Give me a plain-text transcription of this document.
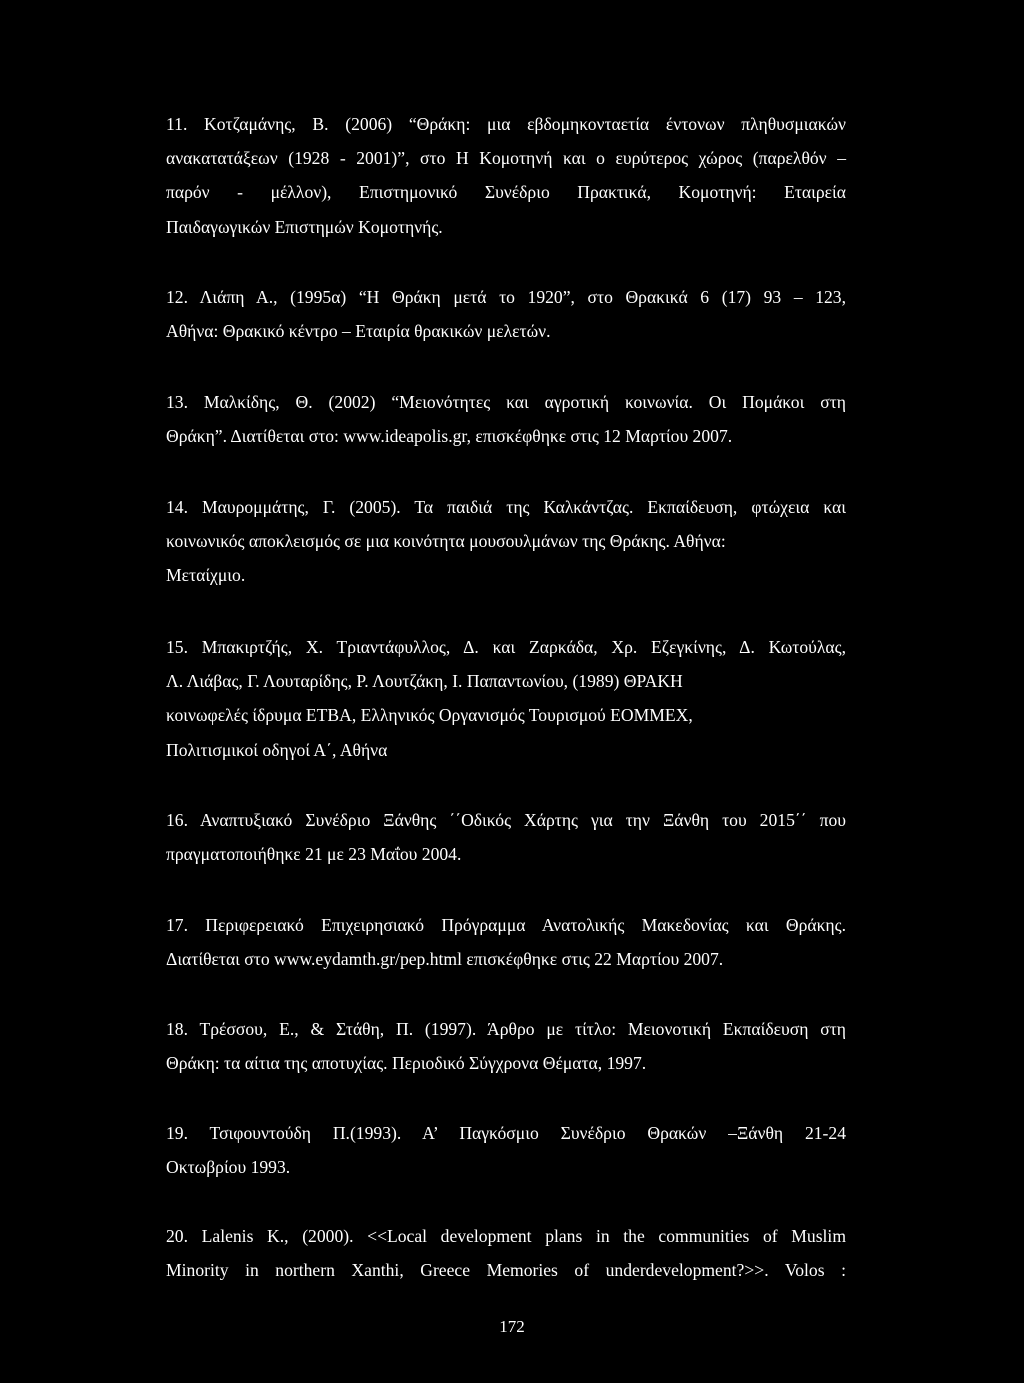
11. Κοτζαμάνης, Β. (2006) “Θράκη: μια εβδομηκονταετία έντονων πληθυσμιακών
ανακατατάξεων (1928 - 2001)”, στο Η Κομοτηνή και ο ευρύτερος χώρος (παρελθόν –
παρόν - μέλλον), Επιστημονικό Συνέδριο Πρακτικά, Κομοτηνή: Εταιρεία
Παιδαγωγικών Επιστημών Κομοτηνής.
12. Λιάπη Α., (1995α) “Η Θράκη μετά το 1920”, στο Θρακικά 6 (17) 93 – 123,
Αθήνα: Θρακικό κέντρο – Εταιρία θρακικών μελετών.
13. Μαλκίδης, Θ. (2002) “Μειονότητες και αγροτική κοινωνία. Οι Πομάκοι στη
Θράκη”. Διατίθεται στο: www.ideapolis.gr, επισκέφθηκε στις 12 Μαρτίου 2007.
14. Μαυρομμάτης, Γ. (2005). Τα παιδιά της Καλκάντζας. Εκπαίδευση, φτώχεια και
κοινωνικός αποκλεισμός σε μια κοινότητα μουσουλμάνων της Θράκης. Αθήνα:
Μεταίχμιο.
15. Μπακιρτζής, Χ. Τριαντάφυλλος, Δ. και Ζαρκάδα, Χρ. Εζεγκίνης, Δ. Κωτούλας,
Λ. Λιάβας, Γ. Λουταρίδης, Ρ. Λουτζάκη, Ι. Παπαντωνίου, (1989) ΘΡΑΚΗ
κοινωφελές ίδρυμα ΕΤΒΑ, Ελληνικός Οργανισμός Τουρισμού ΕΟΜΜΕΧ,
Πολιτισμικοί οδηγοί Α΄, Αθήνα
16. Αναπτυξιακό Συνέδριο Ξάνθης ΄΄Οδικός Χάρτης για την Ξάνθη του 2015΄΄ που
πραγματοποιήθηκε 21 με 23 Μαΐου 2004.
17. Περιφερειακό Επιχειρησιακό Πρόγραμμα Ανατολικής Μακεδονίας και Θράκης.
Διατίθεται στο www.eydamth.gr/pep.html επισκέφθηκε στις 22 Μαρτίου 2007.
18. Τρέσσου, Ε., & Στάθη, Π. (1997). Άρθρο με τίτλο: Μειονοτική Εκπαίδευση στη
Θράκη: τα αίτια της αποτυχίας. Περιοδικό Σύγχρονα Θέματα, 1997.
19. Τσιφουντούδη Π.(1993). Α’ Παγκόσμιο Συνέδριο Θρακών –Ξάνθη 21-24
Οκτωβρίου 1993.
20. Lalenis K., (2000). <<Local development plans in the communities of Muslim
Minority in northern Xanthi, Greece Memories of underdevelopment?>>. Volos :
172
